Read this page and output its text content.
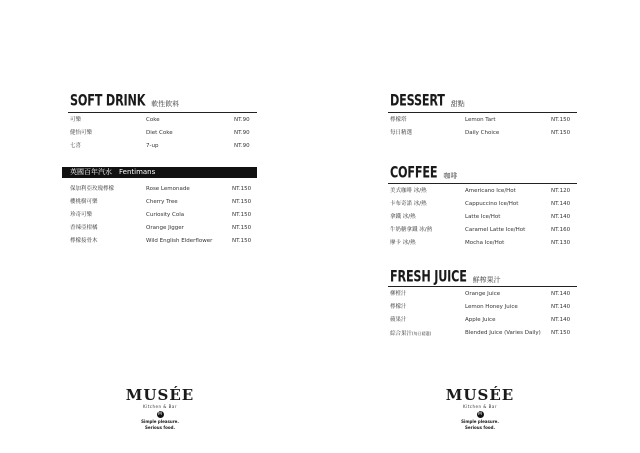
SOFT DRINK 軟性飲料
可樂	Coke	NT.90
健怡可樂	Diet Coke	NT.90
七喜	7-up	NT.90
英國百年汽水　Fentimans
保加利亞玫瑰檸檬	Rose Lemonade	NT.150
櫻桃樹可樂	Cherry Tree	NT.150
珍奇可樂	Curiosity Cola	NT.150
香辣亞柑橘	Orange Jigger	NT.150
檸檬接骨木	Wild English Elderflower	NT.150
MUSÉE
Kitchen & Bar
M
Simple pleasure.
Serious food.
DESSERT 甜點
檸檬塔	Lemon Tart	NT.150
每日精選	Daily Choice	NT.150
COFFEE 咖啡
美式咖啡 冰/熱	Americano Ice/Hot	NT.120
卡布奇諾 冰/熱	Cappuccino Ice/Hot	NT.140
拿鐵 冰/熱	Latte Ice/Hot	NT.140
牛奶糖拿鐵 冰/熱	Caramel Latte Ice/Hot	NT.160
摩卡 冰/熱	Mocha Ice/Hot	NT.130
FRESH JUICE 鮮榨果汁
柳橙汁	Orange Juice	NT.140
檸檬汁	Lemon Honey Juice	NT.140
蘋果汁	Apple Juice	NT.140
綜合果汁(每日精選)	Blended Juice (Varies Daily) NT.150
MUSÉE
Kitchen & Bar
M
Simple pleasure.
Serious food.
